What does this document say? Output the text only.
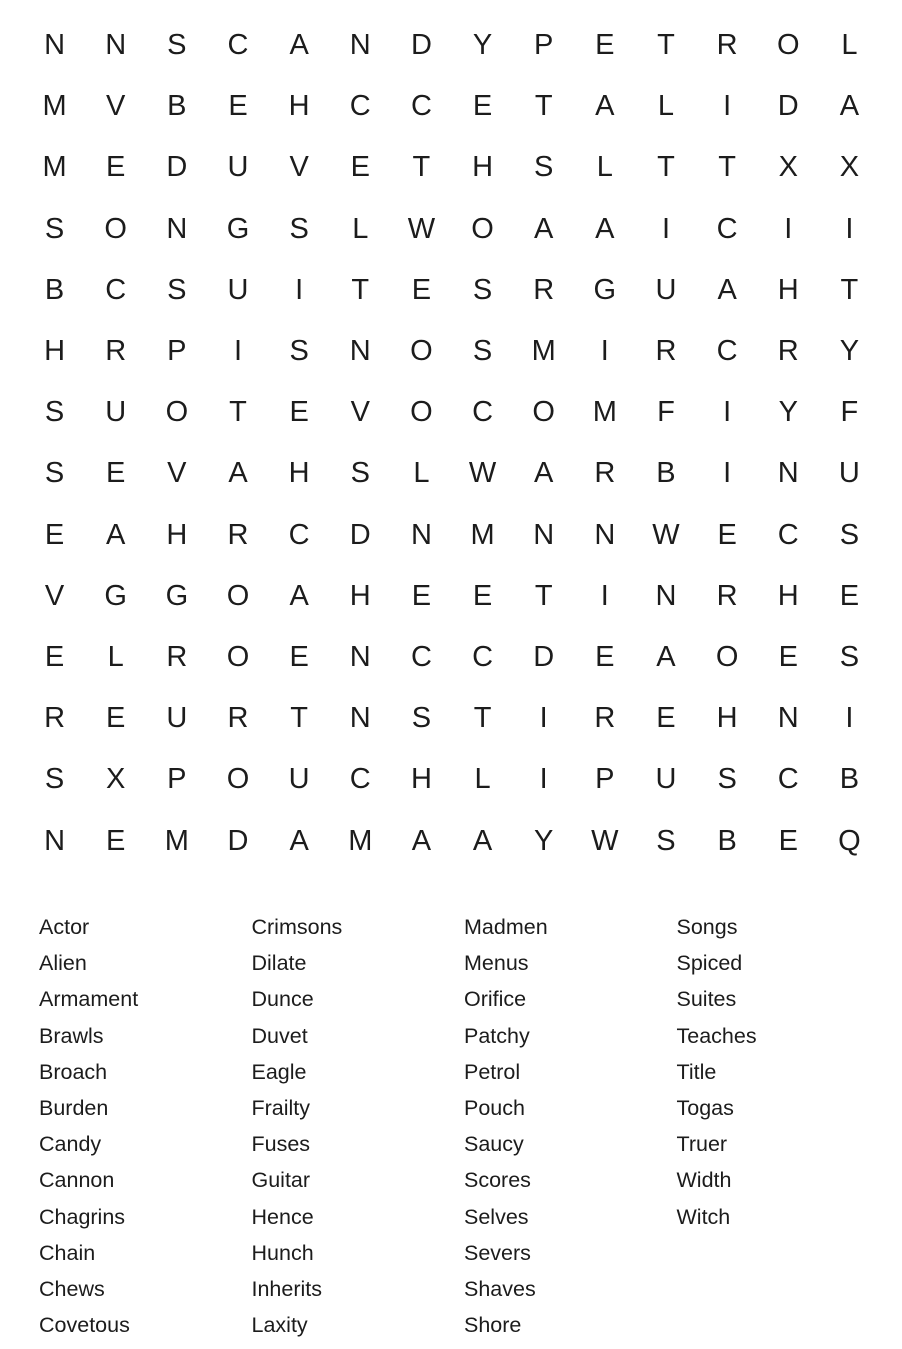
N	N	S	C	A	N	D	Y	P	E	T	R	O	L
M	V	B	E	H	C	C	E	T	A	L	I	D	A
M	E	D	U	V	E	T	H	S	L	T	T	X	X
S	O	N	G	S	L	W	O	A	A	I	C	I	I
B	C	S	U	I	T	E	S	R	G	U	A	H	T
H	R	P	I	S	N	O	S	M	I	R	C	R	Y
S	U	O	T	E	V	O	C	O	M	F	I	Y	F
S	E	V	A	H	S	L	W	A	R	B	I	N	U
E	A	H	R	C	D	N	M	N	N	W	E	C	S
V	G	G	O	A	H	E	E	T	I	N	R	H	E
E	L	R	O	E	N	C	C	D	E	A	O	E	S
R	E	U	R	T	N	S	T	I	R	E	H	N	I
S	X	P	O	U	C	H	L	I	P	U	S	C	B
N	E	M	D	A	M	A	A	Y	W	S	B	E	Q
Actor
Alien
Armament
Brawls
Broach
Burden
Candy
Cannon
Chagrins
Chain
Chews
Covetous
Crimsons
Dilate
Dunce
Duvet
Eagle
Frailty
Fuses
Guitar
Hence
Hunch
Inherits
Laxity
Madmen
Menus
Orifice
Patchy
Petrol
Pouch
Saucy
Scores
Selves
Severs
Shaves
Shore
Songs
Spiced
Suites
Teaches
Title
Togas
Truer
Width
Witch
